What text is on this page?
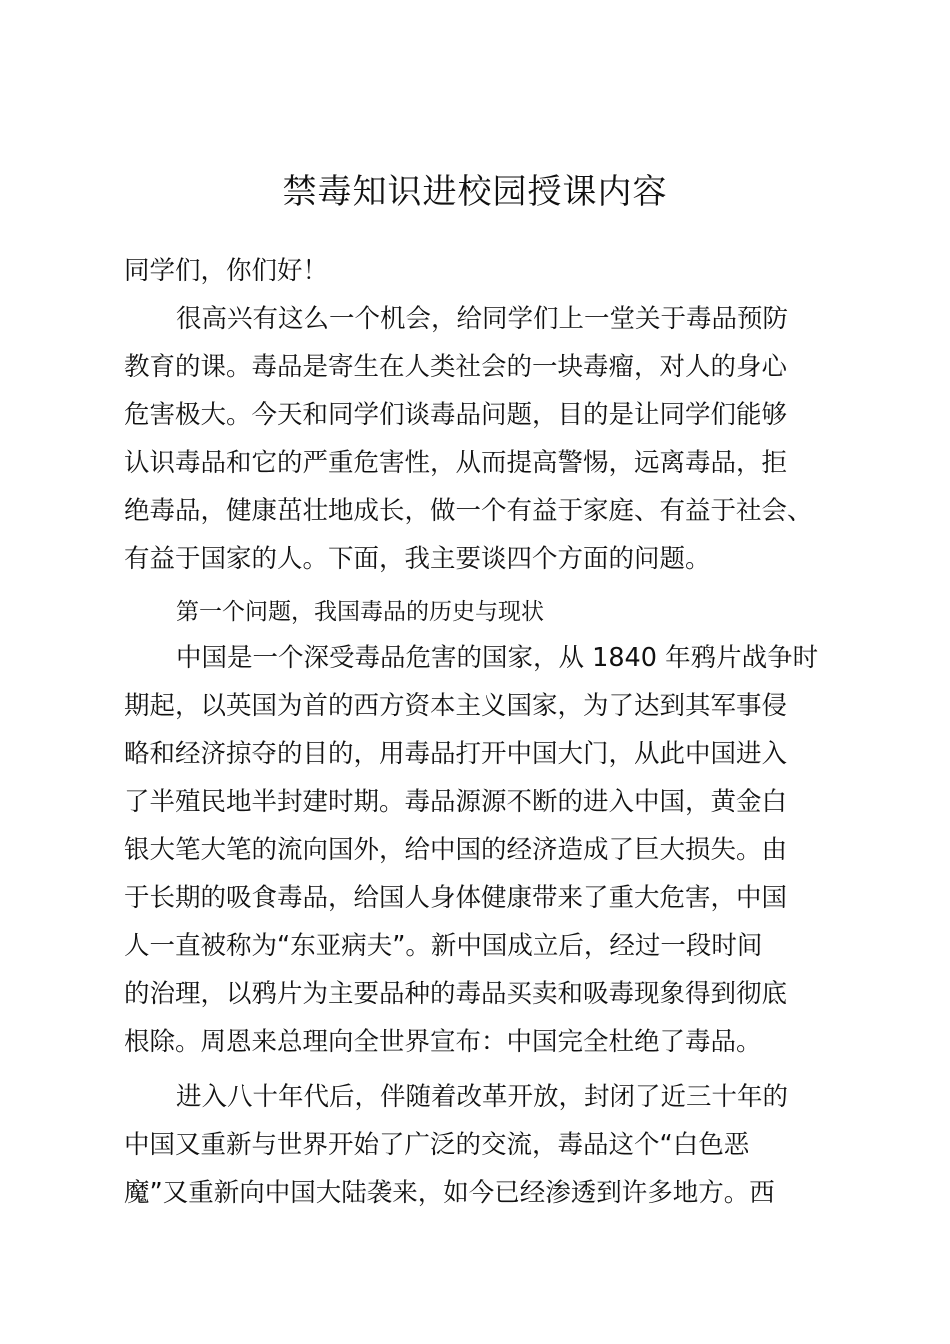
禁毒知识进校园授课内容
同学们，你们好！
很高兴有这么一个机会，给同学们上一堂关于毒品预防
教育的课。毒品是寄生在人类社会的一块毒瘤，对人的身心
危害极大。今天和同学们谈毒品问题，目的是让同学们能够
认识毒品和它的严重危害性，从而提高警惕，远离毒品，拒
绝毒品，健康茁壮地成长，做一个有益于家庭、有益于社会、
有益于国家的人。下面，我主要谈四个方面的问题。
第一个问题，我国毒品的历史与现状
中国是一个深受毒品危害的国家，从 1840 年鸦片战争时
期起，以英国为首的西方资本主义国家，为了达到其军事侵
略和经济掠夺的目的，用毒品打开中国大门，从此中国进入
了半殖民地半封建时期。毒品源源不断的进入中国，黄金白
银大笔大笔的流向国外，给中国的经济造成了巨大损失。由
于长期的吸食毒品，给国人身体健康带来了重大危害，中国
人一直被称为“东亚病夫”。新中国成立后，经过一段时间
的治理，以鸦片为主要品种的毒品买卖和吸毒现象得到彻底
根除。周恩来总理向全世界宣布：中国完全杜绝了毒品。
进入八十年代后，伴随着改革开放，封闭了近三十年的
中国又重新与世界开始了广泛的交流，毒品这个“白色恶
魔”又重新向中国大陆袭来，如今已经渗透到许多地方。西
